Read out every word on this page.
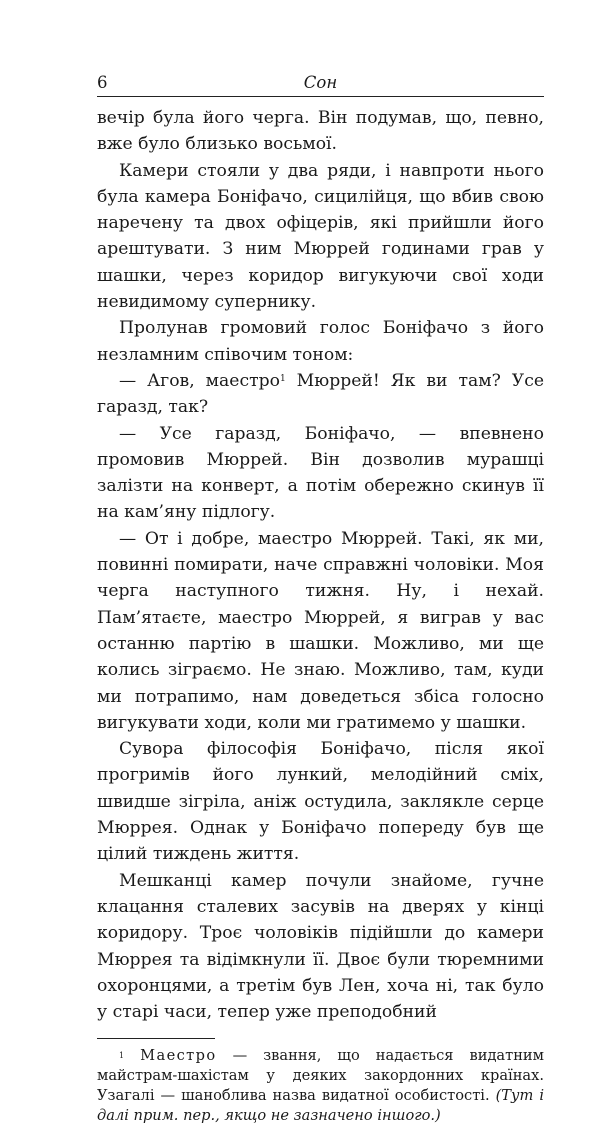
6	Сон

вечір була його черга. Він подумав, що, певно, вже було близько восьмої.

Камери стояли у два ряди, і навпроти нього була камера Боніфачо, сицилійця, що вбив свою наречену та двох офіцерів, які прийшли його арештувати. З ним Мюррей годинами грав у шашки, через коридор вигукуючи свої ходи невидимому супернику.

Пролунав громовий голос Боніфачо з його незламним співочим тоном:

— Агов, маестро$^1$ Мюррей! Як ви там? Усе гаразд, так?

— Усе гаразд, Боніфачо, — впевнено промовив Мюррей. Він дозволив мурашці залізти на конверт, а потім обережно скинув її на кам’яну підлогу.

— От і добре, маестро Мюррей. Такі, як ми, повинні помирати, наче справжні чоловіки. Моя черга наступного тижня. Ну, і нехай. Пам’ятаєте, маестро Мюррей, я виграв у вас останню партію в шашки. Можливо, ми ще колись зіграємо. Не знаю. Можливо, там, куди ми потрапимо, нам доведеться збіса голосно вигукувати ходи, коли ми гратимемо у шашки.

Сувора філософія Боніфачо, після якої прогримів його лункий, мелодійний сміх, швидше зігріла, аніж остудила, заклякле серце Мюррея. Однак у Боніфачо попереду був ще цілий тиждень життя.

Мешканці камер почули знайоме, гучне клацання сталевих засувів на дверях у кінці коридору. Троє чоловіків підійшли до камери Мюррея та відімкнули її. Двоє були тюремними охоронцями, а третім був Лен, хоча ні, так було у старі часи, тепер уже преподобний

$^1$ Маестро — звання, що надається видатним майстрам-шахістам у деяких закордонних країнах. Узагалі — шаноблива назва видатної особистості. (Тут і далі прим. пер., якщо не зазначено іншого.)
